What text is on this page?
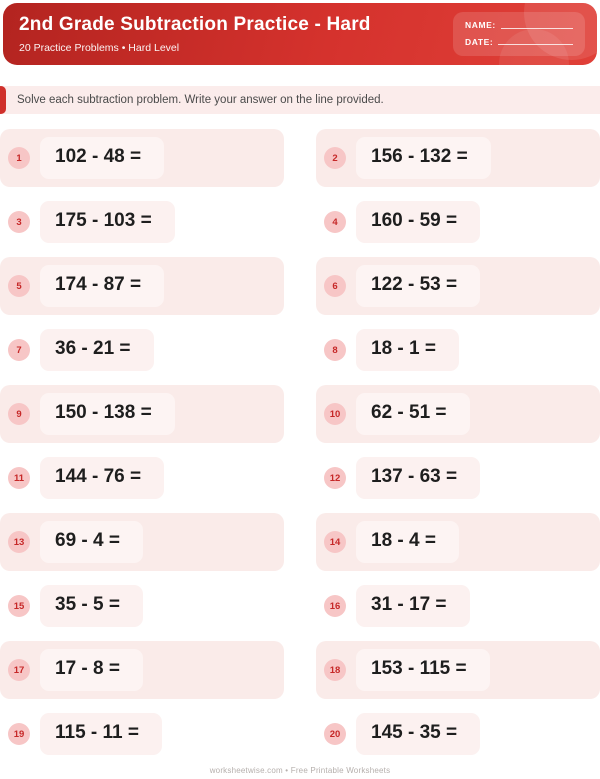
2nd Grade Subtraction Practice - Hard
20 Practice Problems • Hard Level
NAME:
DATE:
Solve each subtraction problem. Write your answer on the line provided.
1	102 - 48 =	2	156 - 132 =
3	175 - 103 =	4	160 - 59 =
5	174 - 87 =	6	122 - 53 =
7	36 - 21 =	8	18 - 1 =
9	150 - 138 =	10	62 - 51 =
11	144 - 76 =	12	137 - 63 =
13	69 - 4 =	14	18 - 4 =
15	35 - 5 =	16	31 - 17 =
17	17 - 8 =	18	153 - 115 =
19	115 - 11 =	20	145 - 35 =
worksheetwise.com • Free Printable Worksheets
